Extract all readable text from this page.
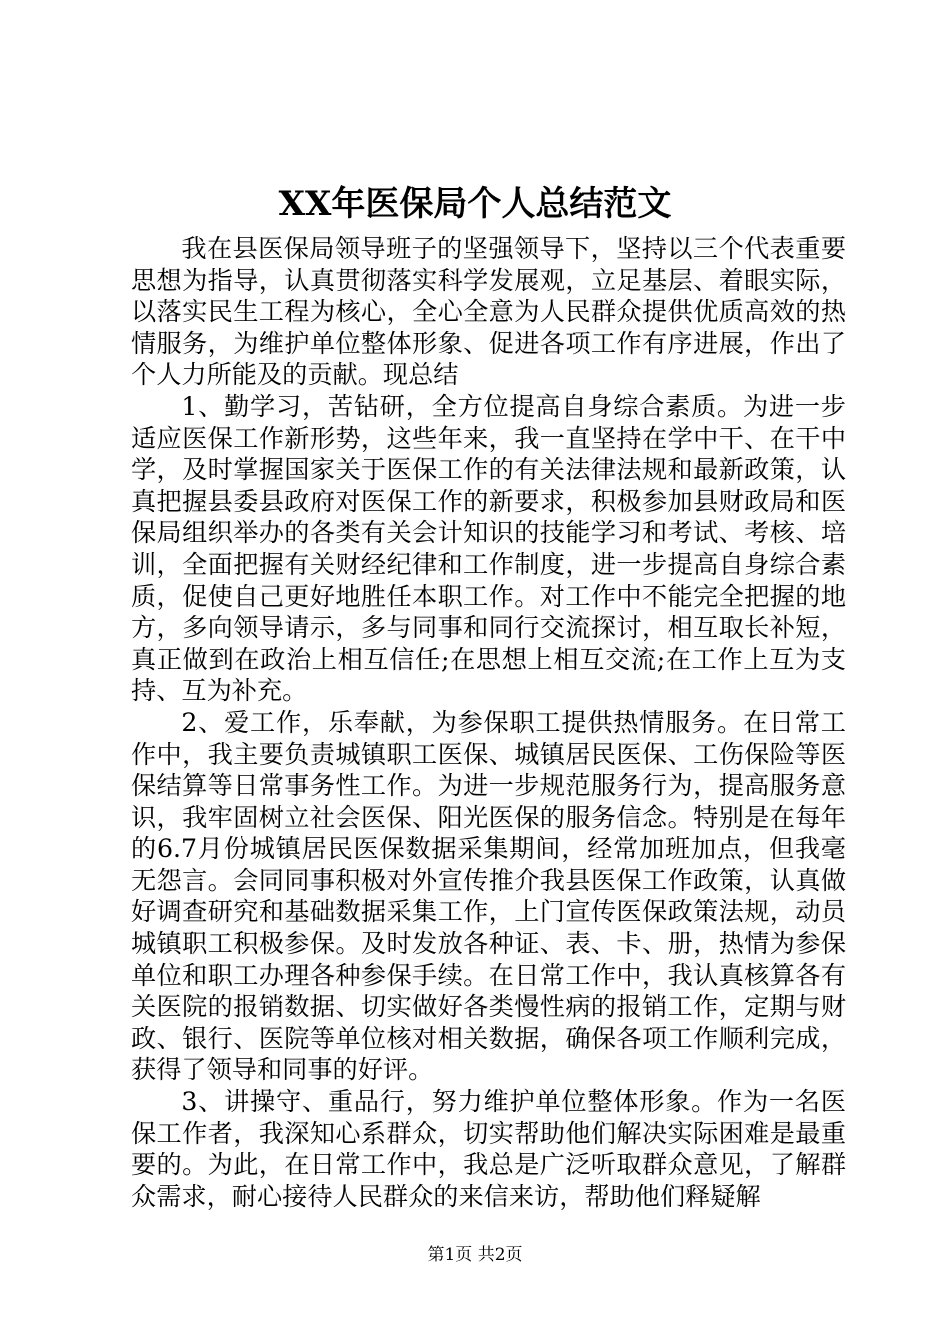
XX年医保局个人总结范文

我在县医保局领导班子的坚强领导下，坚持以三个代表重要思想为指导，认真贯彻落实科学发展观，立足基层、着眼实际，以落实民生工程为核心，全心全意为人民群众提供优质高效的热情服务，为维护单位整体形象、促进各项工作有序进展，作出了个人力所能及的贡献。现总结

1、勤学习，苦钻研，全方位提高自身综合素质。为进一步适应医保工作新形势，这些年来，我一直坚持在学中干、在干中学，及时掌握国家关于医保工作的有关法律法规和最新政策，认真把握县委县政府对医保工作的新要求，积极参加县财政局和医保局组织举办的各类有关会计知识的技能学习和考试、考核、培训，全面把握有关财经纪律和工作制度，进一步提高自身综合素质，促使自己更好地胜任本职工作。对工作中不能完全把握的地方，多向领导请示，多与同事和同行交流探讨，相互取长补短，真正做到在政治上相互信任;在思想上相互交流;在工作上互为支持、互为补充。

2、爱工作，乐奉献，为参保职工提供热情服务。在日常工作中，我主要负责城镇职工医保、城镇居民医保、工伤保险等医保结算等日常事务性工作。为进一步规范服务行为，提高服务意识，我牢固树立社会医保、阳光医保的服务信念。特别是在每年的6.7月份城镇居民医保数据采集期间，经常加班加点，但我毫无怨言。会同同事积极对外宣传推介我县医保工作政策，认真做好调查研究和基础数据采集工作，上门宣传医保政策法规，动员城镇职工积极参保。及时发放各种证、表、卡、册，热情为参保单位和职工办理各种参保手续。在日常工作中，我认真核算各有关医院的报销数据、切实做好各类慢性病的报销工作，定期与财政、银行、医院等单位核对相关数据，确保各项工作顺利完成，获得了领导和同事的好评。

3、讲操守、重品行，努力维护单位整体形象。作为一名医保工作者，我深知心系群众，切实帮助他们解决实际困难是最重要的。为此，在日常工作中，我总是广泛听取群众意见，了解群众需求，耐心接待人民群众的来信来访，帮助他们释疑解

第1页 共2页
